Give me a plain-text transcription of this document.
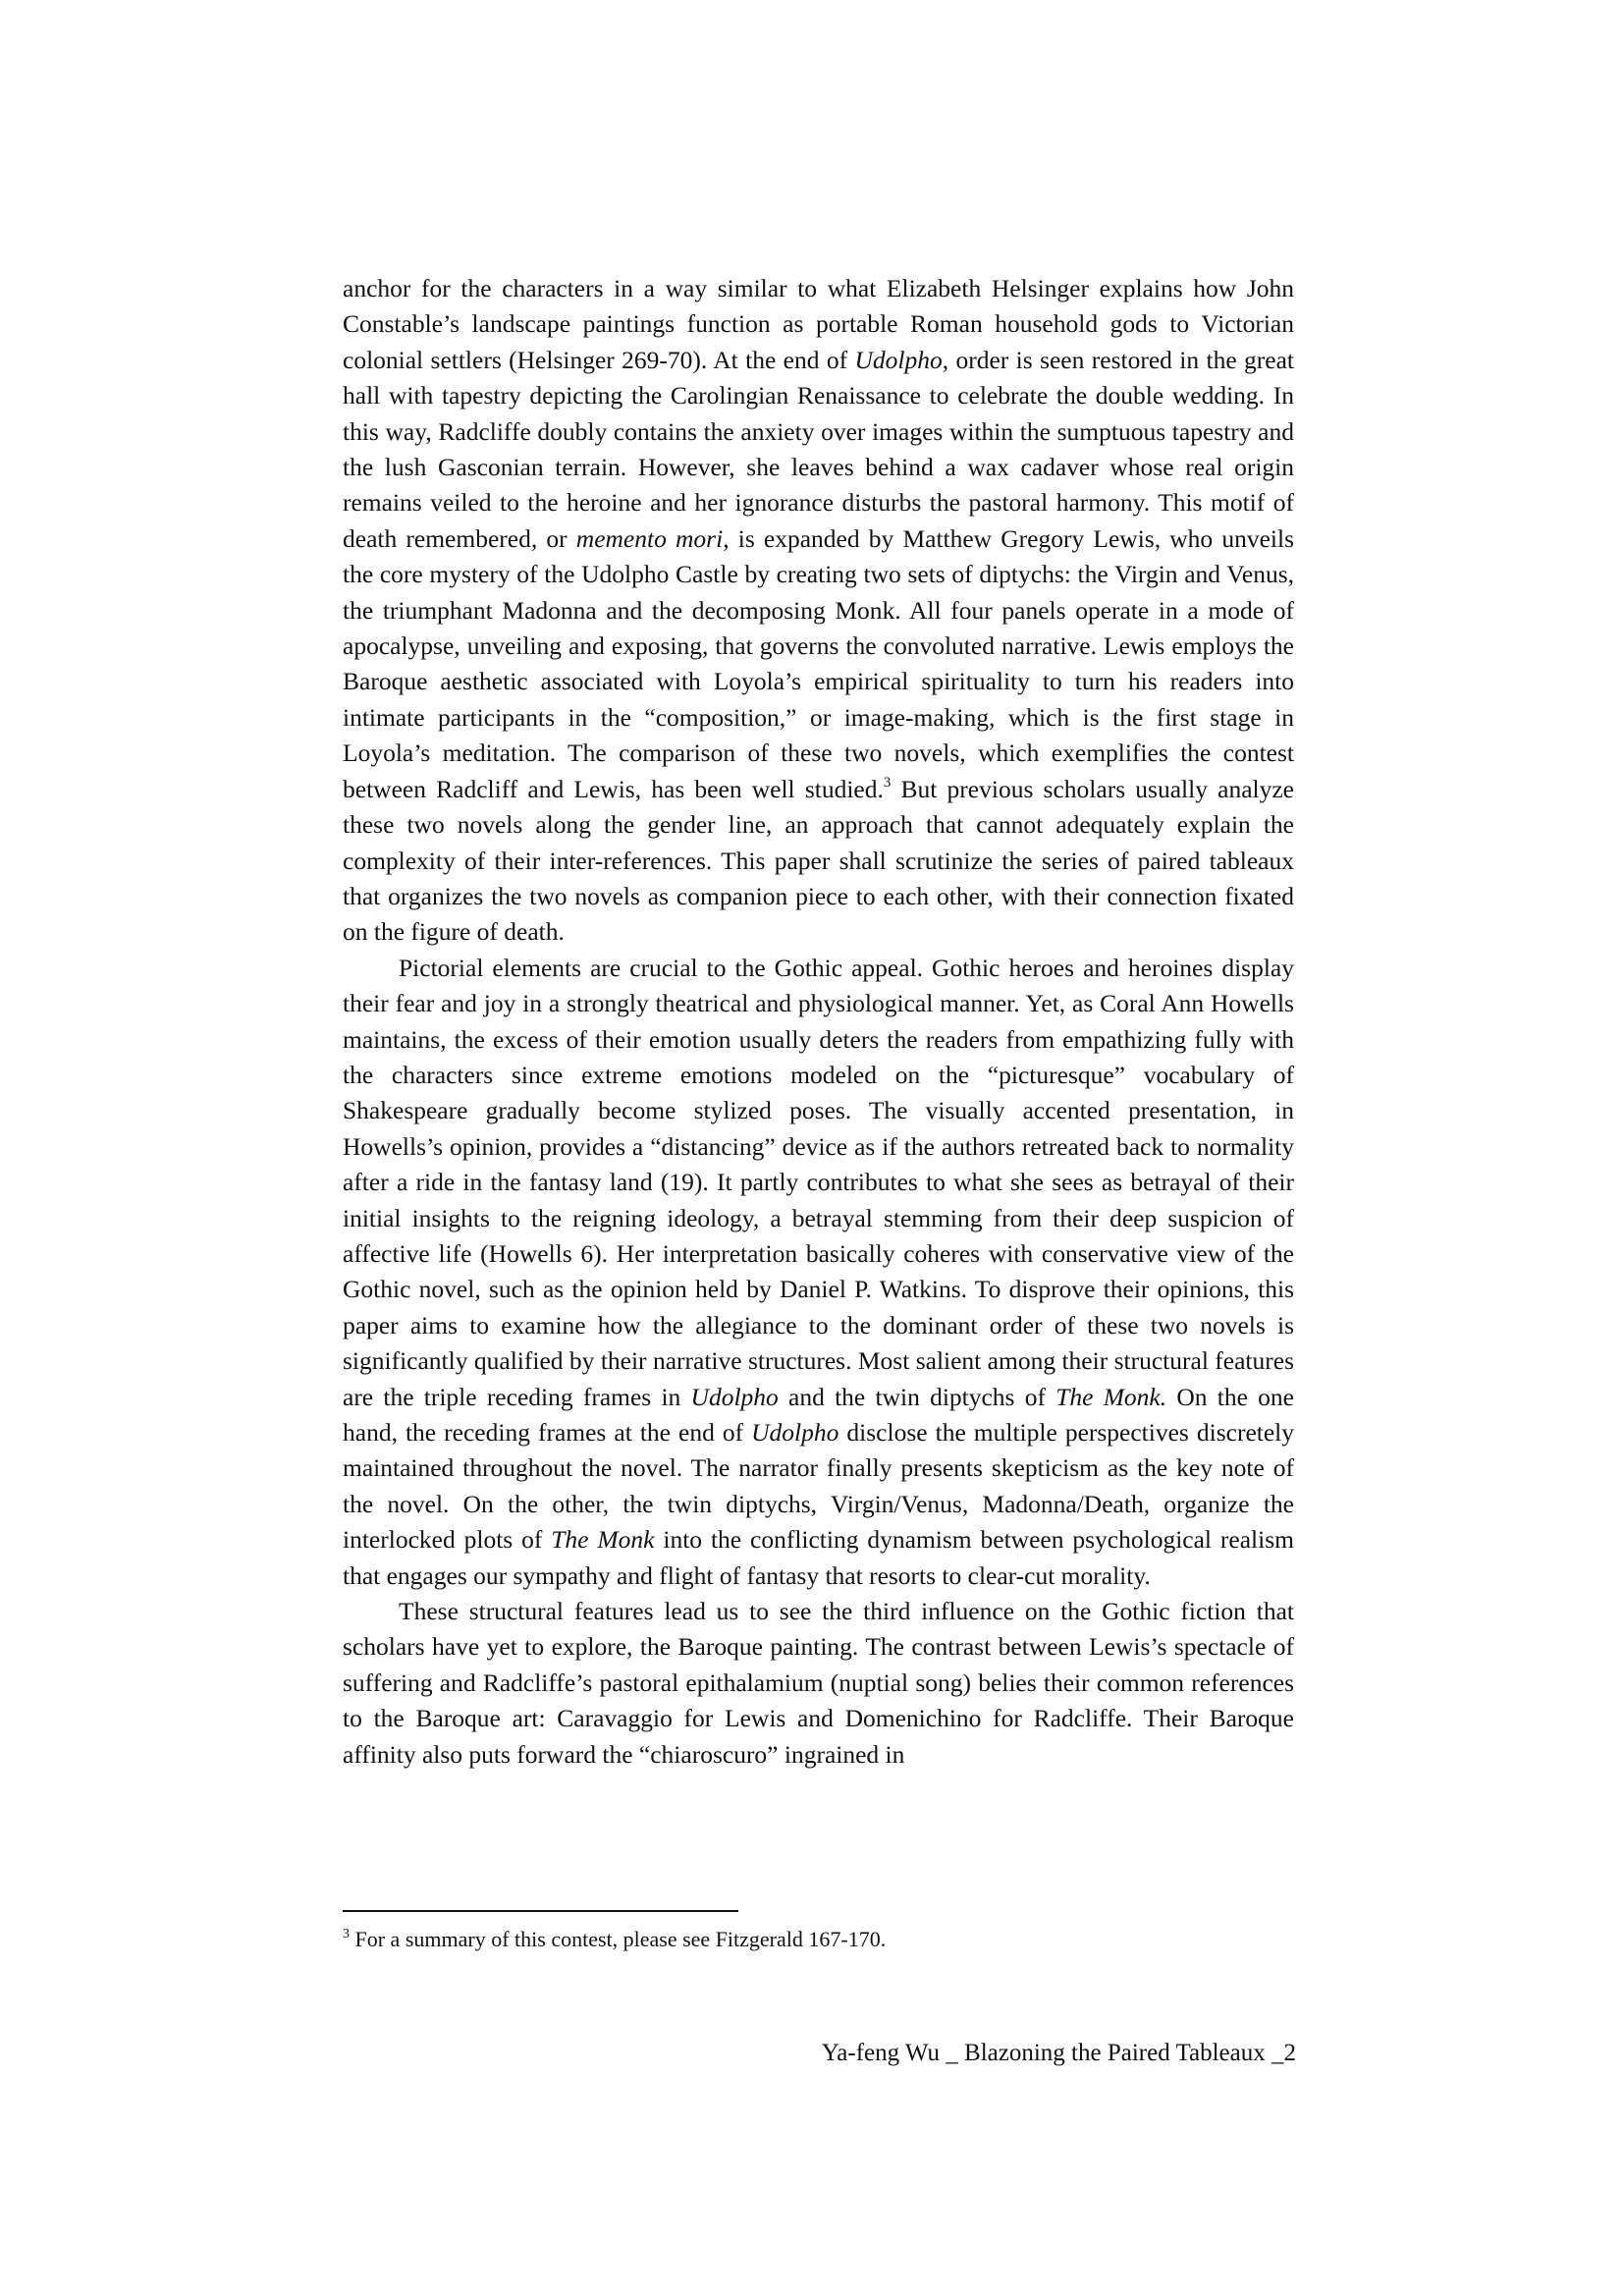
anchor for the characters in a way similar to what Elizabeth Helsinger explains how John Constable’s landscape paintings function as portable Roman household gods to Victorian colonial settlers (Helsinger 269-70). At the end of Udolpho, order is seen restored in the great hall with tapestry depicting the Carolingian Renaissance to celebrate the double wedding. In this way, Radcliffe doubly contains the anxiety over images within the sumptuous tapestry and the lush Gasconian terrain. However, she leaves behind a wax cadaver whose real origin remains veiled to the heroine and her ignorance disturbs the pastoral harmony. This motif of death remembered, or memento mori, is expanded by Matthew Gregory Lewis, who unveils the core mystery of the Udolpho Castle by creating two sets of diptychs: the Virgin and Venus, the triumphant Madonna and the decomposing Monk. All four panels operate in a mode of apocalypse, unveiling and exposing, that governs the convoluted narrative. Lewis employs the Baroque aesthetic associated with Loyola’s empirical spirituality to turn his readers into intimate participants in the “composition,” or image-making, which is the first stage in Loyola’s meditation. The comparison of these two novels, which exemplifies the contest between Radcliff and Lewis, has been well studied.$^3$ But previous scholars usually analyze these two novels along the gender line, an approach that cannot adequately explain the complexity of their inter-references. This paper shall scrutinize the series of paired tableaux that organizes the two novels as companion piece to each other, with their connection fixated on the figure of death.

Pictorial elements are crucial to the Gothic appeal. Gothic heroes and heroines display their fear and joy in a strongly theatrical and physiological manner. Yet, as Coral Ann Howells maintains, the excess of their emotion usually deters the readers from empathizing fully with the characters since extreme emotions modeled on the “picturesque” vocabulary of Shakespeare gradually become stylized poses. The visually accented presentation, in Howells’s opinion, provides a “distancing” device as if the authors retreated back to normality after a ride in the fantasy land (19). It partly contributes to what she sees as betrayal of their initial insights to the reigning ideology, a betrayal stemming from their deep suspicion of affective life (Howells 6). Her interpretation basically coheres with conservative view of the Gothic novel, such as the opinion held by Daniel P. Watkins. To disprove their opinions, this paper aims to examine how the allegiance to the dominant order of these two novels is significantly qualified by their narrative structures. Most salient among their structural features are the triple receding frames in Udolpho and the twin diptychs of The Monk. On the one hand, the receding frames at the end of Udolpho disclose the multiple perspectives discretely maintained throughout the novel. The narrator finally presents skepticism as the key note of the novel. On the other, the twin diptychs, Virgin/Venus, Madonna/Death, organize the interlocked plots of The Monk into the conflicting dynamism between psychological realism that engages our sympathy and flight of fantasy that resorts to clear-cut morality.

These structural features lead us to see the third influence on the Gothic fiction that scholars have yet to explore, the Baroque painting. The contrast between Lewis’s spectacle of suffering and Radcliffe’s pastoral epithalamium (nuptial song) belies their common references to the Baroque art: Caravaggio for Lewis and Domenichino for Radcliffe. Their Baroque affinity also puts forward the “chiaroscuro” ingrained in

$^3$ For a summary of this contest, please see Fitzgerald 167-170.

Ya-feng Wu _ Blazoning the Paired Tableaux _2
